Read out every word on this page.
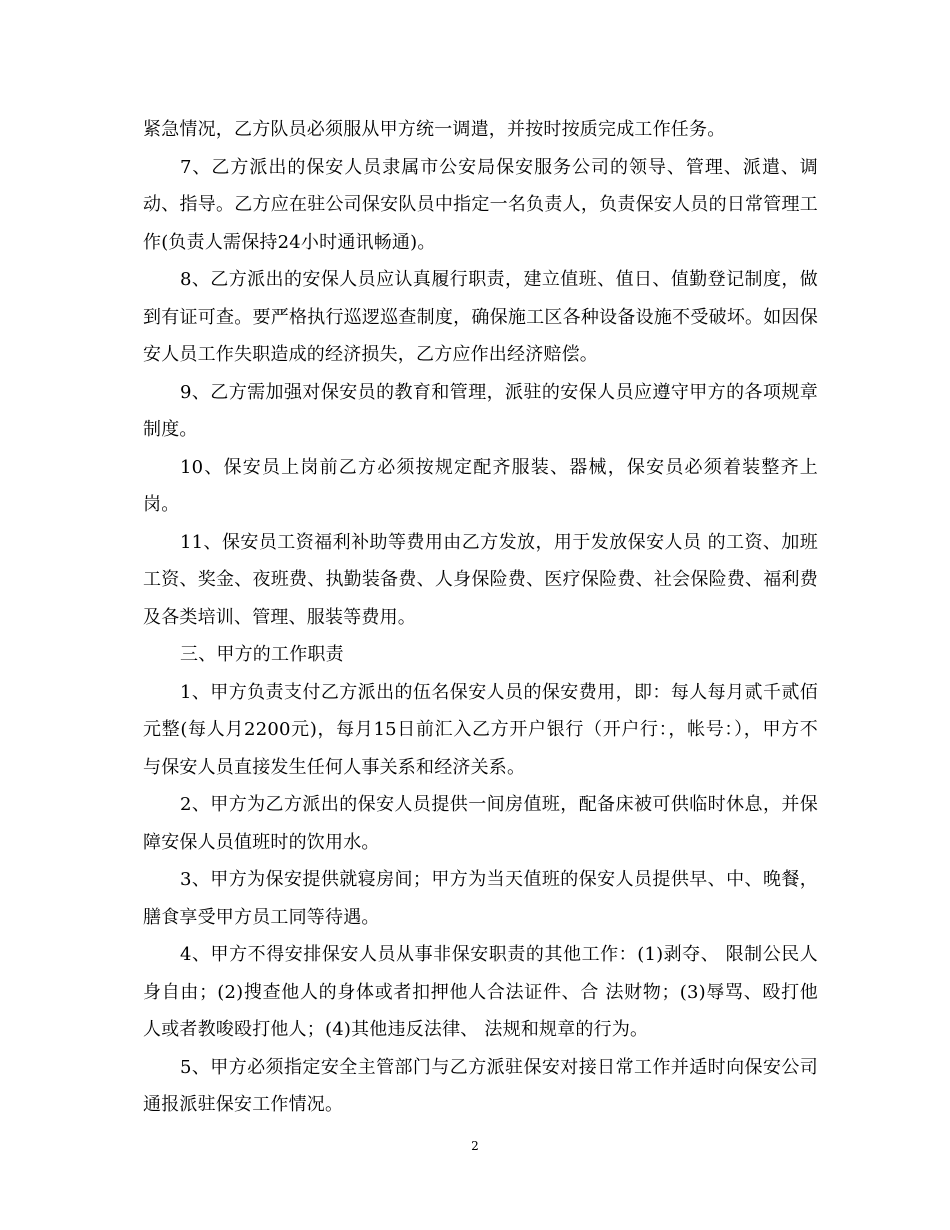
紧急情况，乙方队员必须服从甲方统一调遣，并按时按质完成工作任务。

7、乙方派出的保安人员隶属市公安局保安服务公司的领导、管理、派遣、调动、指导。乙方应在驻公司保安队员中指定一名负责人，负责保安人员的日常管理工作(负责人需保持24小时通讯畅通)。

8、乙方派出的安保人员应认真履行职责，建立值班、值日、值勤登记制度，做到有证可查。要严格执行巡逻巡查制度，确保施工区各种设备设施不受破坏。如因保安人员工作失职造成的经济损失，乙方应作出经济赔偿。

9、乙方需加强对保安员的教育和管理，派驻的安保人员应遵守甲方的各项规章制度。

10、保安员上岗前乙方必须按规定配齐服装、器械，保安员必须着装整齐上岗。

11、保安员工资福利补助等费用由乙方发放，用于发放保安人员 的工资、加班工资、奖金、夜班费、执勤装备费、人身保险费、医疗保险费、社会保险费、福利费及各类培训、管理、服装等费用。

三、甲方的工作职责

1、甲方负责支付乙方派出的伍名保安人员的保安费用，即：每人每月贰千贰佰元整(每人月2200元)，每月15日前汇入乙方开户银行（开户行：，帐号：），甲方不与保安人员直接发生任何人事关系和经济关系。

2、甲方为乙方派出的保安人员提供一间房值班，配备床被可供临时休息，并保障安保人员值班时的饮用水。

3、甲方为保安提供就寝房间；甲方为当天值班的保安人员提供早、中、晚餐，膳食享受甲方员工同等待遇。

4、甲方不得安排保安人员从事非保安职责的其他工作：(1)剥夺、 限制公民人身自由；(2)搜查他人的身体或者扣押他人合法证件、合 法财物；(3)辱骂、殴打他人或者教唆殴打他人；(4)其他违反法律、 法规和规章的行为。

5、甲方必须指定安全主管部门与乙方派驻保安对接日常工作并适时向保安公司通报派驻保安工作情况。

2
